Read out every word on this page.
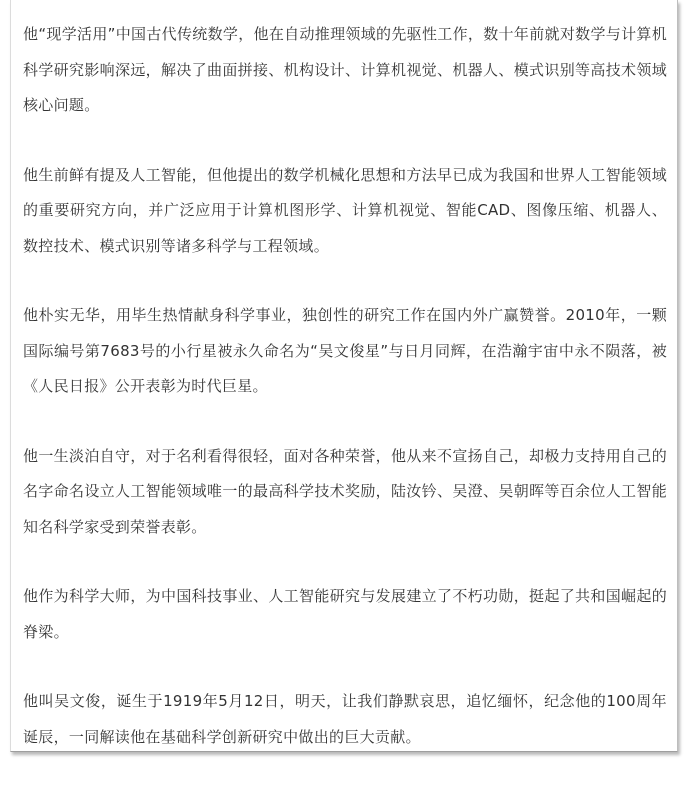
他“现学活用”中国古代传统数学，他在自动推理领域的先驱性工作，数十年前就对数学与计算机科学研究影响深远，解决了曲面拼接、机构设计、计算机视觉、机器人、模式识别等高技术领域核心问题。

他生前鲜有提及人工智能，但他提出的数学机械化思想和方法早已成为我国和世界人工智能领域的重要研究方向，并广泛应用于计算机图形学、计算机视觉、智能CAD、图像压缩、机器人、数控技术、模式识别等诸多科学与工程领域。

他朴实无华，用毕生热情献身科学事业，独创性的研究工作在国内外广赢赞誉。2010年，一颗国际编号第7683号的小行星被永久命名为“吴文俊星”与日月同辉，在浩瀚宇宙中永不陨落，被《人民日报》公开表彰为时代巨星。

他一生淡泊自守，对于名利看得很轻，面对各种荣誉，他从来不宣扬自己，却极力支持用自己的名字命名设立人工智能领域唯一的最高科学技术奖励，陆汝钤、吴澄、吴朝晖等百余位人工智能知名科学家受到荣誉表彰。

他作为科学大师，为中国科技事业、人工智能研究与发展建立了不朽功勋，挺起了共和国崛起的脊梁。

他叫吴文俊，诞生于1919年5月12日，明天，让我们静默哀思，追忆缅怀，纪念他的100周年诞辰，一同解读他在基础科学创新研究中做出的巨大贡献。
